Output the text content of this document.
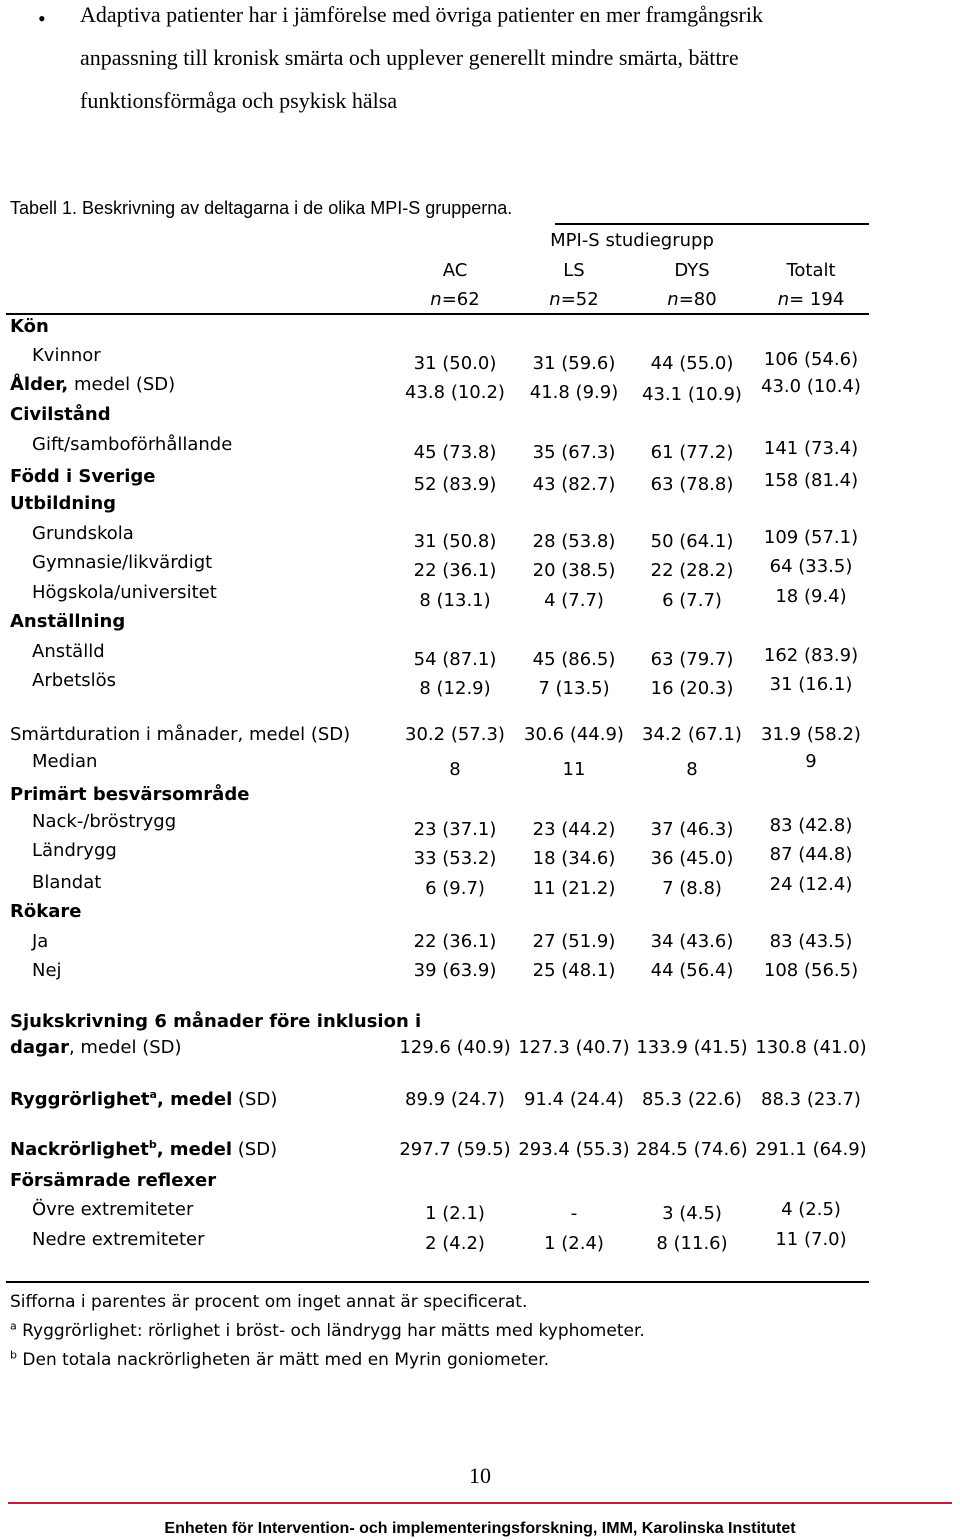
• Adaptiva patienter har i jämförelse med övriga patienter en mer framgångsrik
anpassning till kronisk smärta och upplever generellt mindre smärta, bättre
funktionsförmåga och psykisk hälsa
Tabell 1. Beskrivning av deltagarna i de olika MPI-S grupperna.
MPI-S studiegrupp
AC
n=62
LS
n=52
DYS
n=80
Totalt
n= 194
Kön
Kvinnor	31 (50.0) 31 (59.6) 44 (55.0) 106 (54.6)
Ålder, medel (SD)	43.8 (10.2) 41.8 (9.9) 43.1 (10.9) 43.0 (10.4)
Civilstånd
Gift/samboförhållande	45 (73.8) 35 (67.3) 61 (77.2) 141 (73.4)
Född i Sverige	52 (83.9) 43 (82.7) 63 (78.8) 158 (81.4)
Utbildning
Grundskola	31 (50.8) 28 (53.8) 50 (64.1) 109 (57.1)
Gymnasie/likvärdigt	22 (36.1) 20 (38.5) 22 (28.2) 64 (33.5)
Högskola/universitet	8 (13.1)	4 (7.7)	6 (7.7)	18 (9.4)
Anställning
Anställd	54 (87.1) 45 (86.5) 63 (79.7) 162 (83.9)
Arbetslös	8 (12.9)	7 (13.5) 16 (20.3) 31 (16.1)
Smärtduration i månader, medel (SD)	30.2 (57.3) 30.6 (44.9) 34.2 (67.1) 31.9 (58.2)
Median	8	11	8	9
Primärt besvärsområde
Nack-/bröstrygg	23 (37.1) 23 (44.2) 37 (46.3) 83 (42.8)
Ländrygg	33 (53.2) 18 (34.6) 36 (45.0) 87 (44.8)
Blandat	6 (9.7)	11 (21.2)	7 (8.8)	24 (12.4)
Rökare
Ja	22 (36.1) 27 (51.9) 34 (43.6) 83 (43.5)
Nej	39 (63.9) 25 (48.1) 44 (56.4) 108 (56.5)
Sjukskrivning 6 månader före inklusion i
dagar, medel (SD)	129.6 (40.9) 127.3 (40.7) 133.9 (41.5) 130.8 (41.0)
Ryggrörlighet$^a$, medel (SD)	89.9 (24.7) 91.4 (24.4) 85.3 (22.6) 88.3 (23.7)
Nackrörlighet$^b$, medel (SD)	297.7 (59.5) 293.4 (55.3) 284.5 (74.6) 291.1 (64.9)
Försämrade reflexer
Övre extremiteter	1 (2.1)	-	3 (4.5)	4 (2.5)
Nedre extremiteter	2 (4.2)	1 (2.4)	8 (11.6)	11 (7.0)
Sifforna i parentes är procent om inget annat är specificerat.
$^a$ Ryggrörlighet: rörlighet i bröst- och ländrygg har mätts med kyphometer.
$^b$ Den totala nackrörligheten är mätt med en Myrin goniometer.
10
Enheten för Intervention- och implementeringsforskning, IMM, Karolinska Institutet
